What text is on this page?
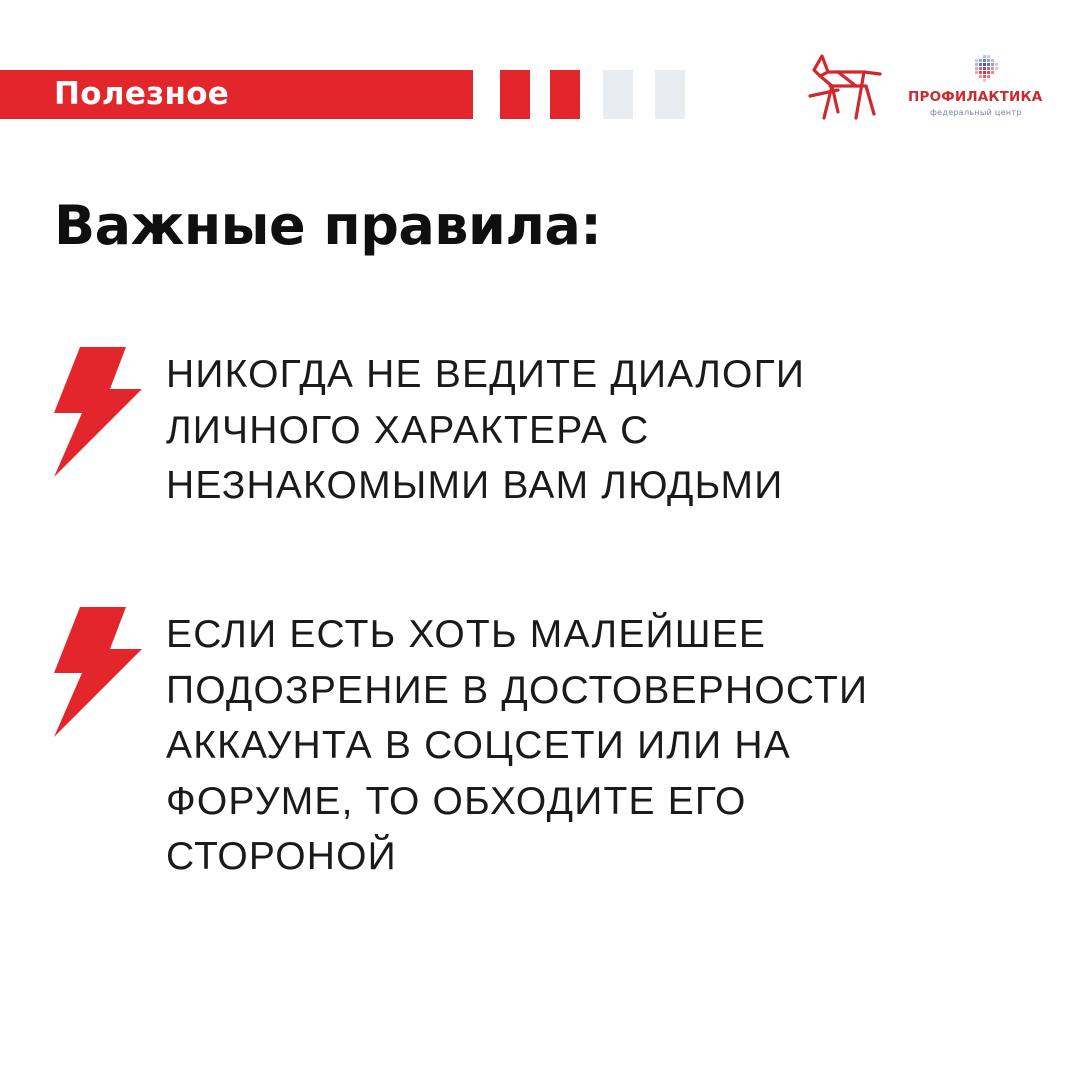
Полезное	ПРОФИЛАКТИКА
федеральный центр
Важные правила:
НИКОГДА НЕ ВЕДИТЕ ДИАЛОГИ
ЛИЧНОГО ХАРАКТЕРА С
НЕЗНАКОМЫМИ ВАМ ЛЮДЬМИ
ЕСЛИ ЕСТЬ ХОТЬ МАЛЕЙШЕЕ
ПОДОЗРЕНИЕ В ДОСТОВЕРНОСТИ
АККАУНТА В СОЦСЕТИ ИЛИ НА
ФОРУМЕ, ТО ОБХОДИТЕ ЕГО
СТОРОНОЙ
